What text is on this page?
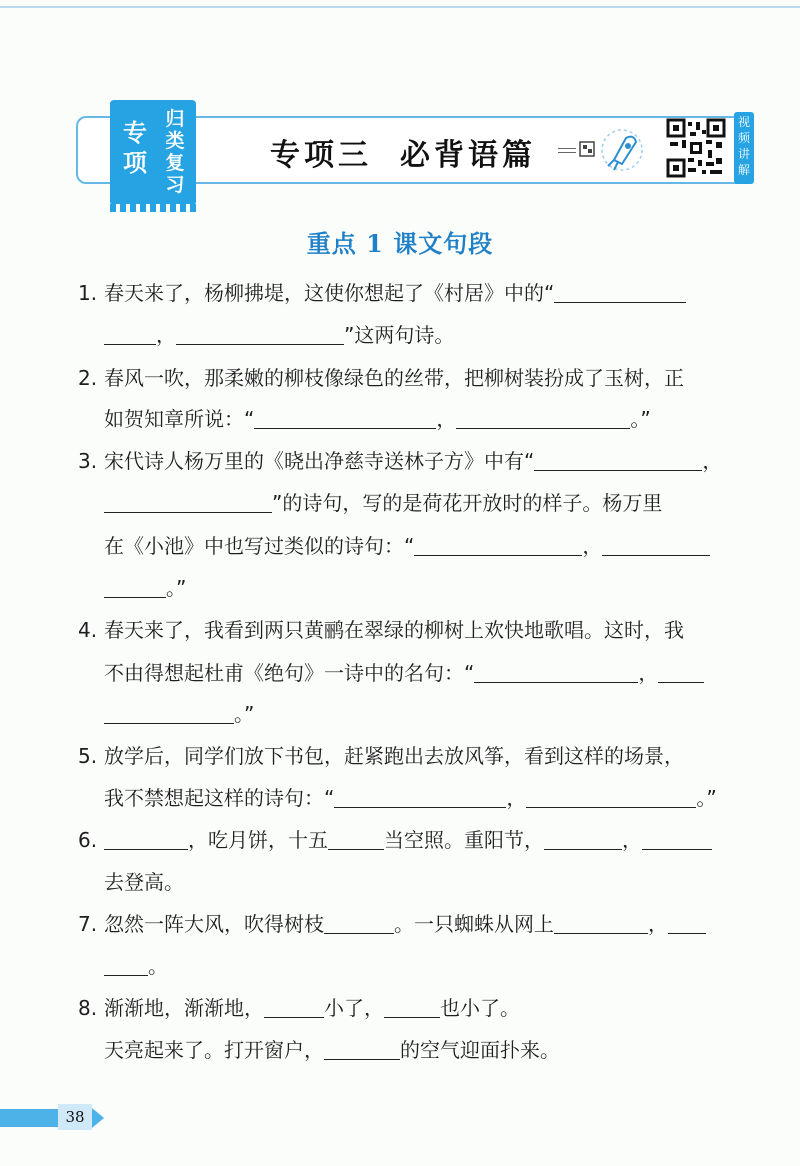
专项
归类复习
专项三 必背语篇
视频讲解
重点 1 课文句段
1. 春天来了，杨柳拂堤，这使你想起了《村居》中的“
，	”这两句诗。
2. 春风一吹，那柔嫩的柳枝像绿色的丝带，把柳树装扮成了玉树，正
如贺知章所说：“	，	。”
3. 宋代诗人杨万里的《晓出净慈寺送林子方》中有“	，
”的诗句，写的是荷花开放时的样子。杨万里
在《小池》中也写过类似的诗句：“	，
。”
4. 春天来了，我看到两只黄鹂在翠绿的柳树上欢快地歌唱。这时，我
不由得想起杜甫《绝句》一诗中的名句：“	，
。”
5. 放学后，同学们放下书包，赶紧跑出去放风筝，看到这样的场景，
我不禁想起这样的诗句：“	，	。”
6.	，吃月饼，十五	当空照。重阳节，	，
去登高。
7. 忽然一阵大风，吹得树枝	。一只蜘蛛从网上	，
。
8. 渐渐地，渐渐地，	小了，	也小了。
天亮起来了。打开窗户，	的空气迎面扑来。
38
